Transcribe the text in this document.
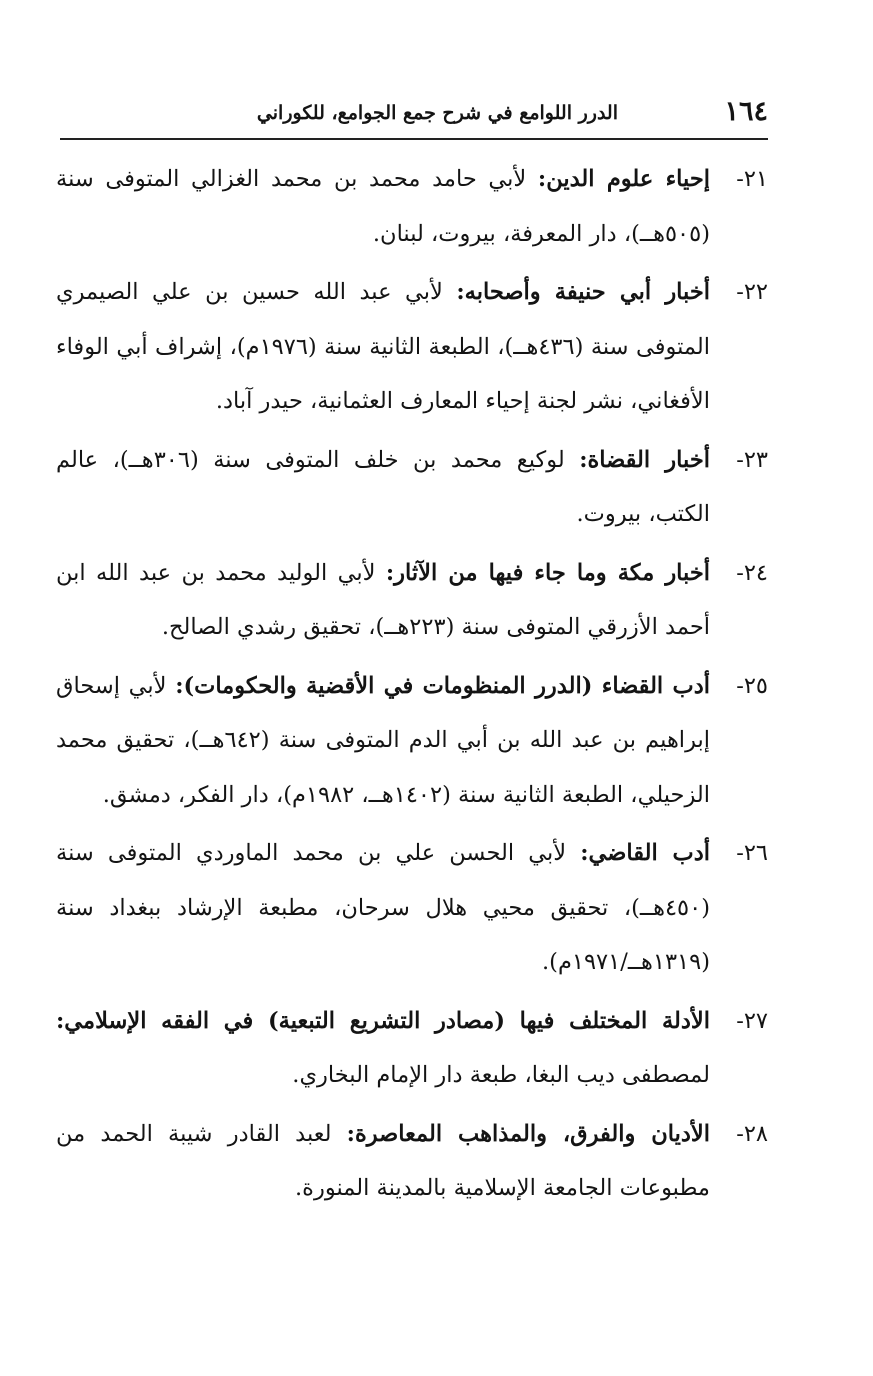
١٦٤
الدرر اللوامع في شرح جمع الجوامع، للكوراني
٢١-
إحياء علوم الدين: لأبي حامد محمد بن محمد الغزالي المتوفى سنة (٥٠٥هــ)، دار المعرفة، بيروت، لبنان.
٢٢-
أخبار أبي حنيفة وأصحابه: لأبي عبد الله حسين بن علي الصيمري المتوفى سنة (٤٣٦هــ)، الطبعة الثانية سنة (١٩٧٦م)، إشراف أبي الوفاء الأفغاني، نشر لجنة إحياء المعارف العثمانية، حيدر آباد.
٢٣-
أخبار القضاة: لوكيع محمد بن خلف المتوفى سنة (٣٠٦هــ)، عالم الكتب، بيروت.
٢٤-
أخبار مكة وما جاء فيها من الآثار: لأبي الوليد محمد بن عبد الله ابن أحمد الأزرقي المتوفى سنة (٢٢٣هــ)، تحقيق رشدي الصالح.
٢٥-
أدب القضاء (الدرر المنظومات في الأقضية والحكومات): لأبي إسحاق إبراهيم بن عبد الله بن أبي الدم المتوفى سنة (٦٤٢هــ)، تحقيق محمد الزحيلي، الطبعة الثانية سنة (١٤٠٢هــ، ١٩٨٢م)، دار الفكر، دمشق.
٢٦-
أدب القاضي: لأبي الحسن علي بن محمد الماوردي المتوفى سنة (٤٥٠هــ)، تحقيق محيي هلال سرحان، مطبعة الإرشاد ببغداد سنة (١٣١٩هــ/١٩٧١م).
٢٧-
الأدلة المختلف فيها (مصادر التشريع التبعية) في الفقه الإسلامي: لمصطفى ديب البغا، طبعة دار الإمام البخاري.
٢٨-
الأديان والفرق، والمذاهب المعاصرة: لعبد القادر شيبة الحمد من مطبوعات الجامعة الإسلامية بالمدينة المنورة.
